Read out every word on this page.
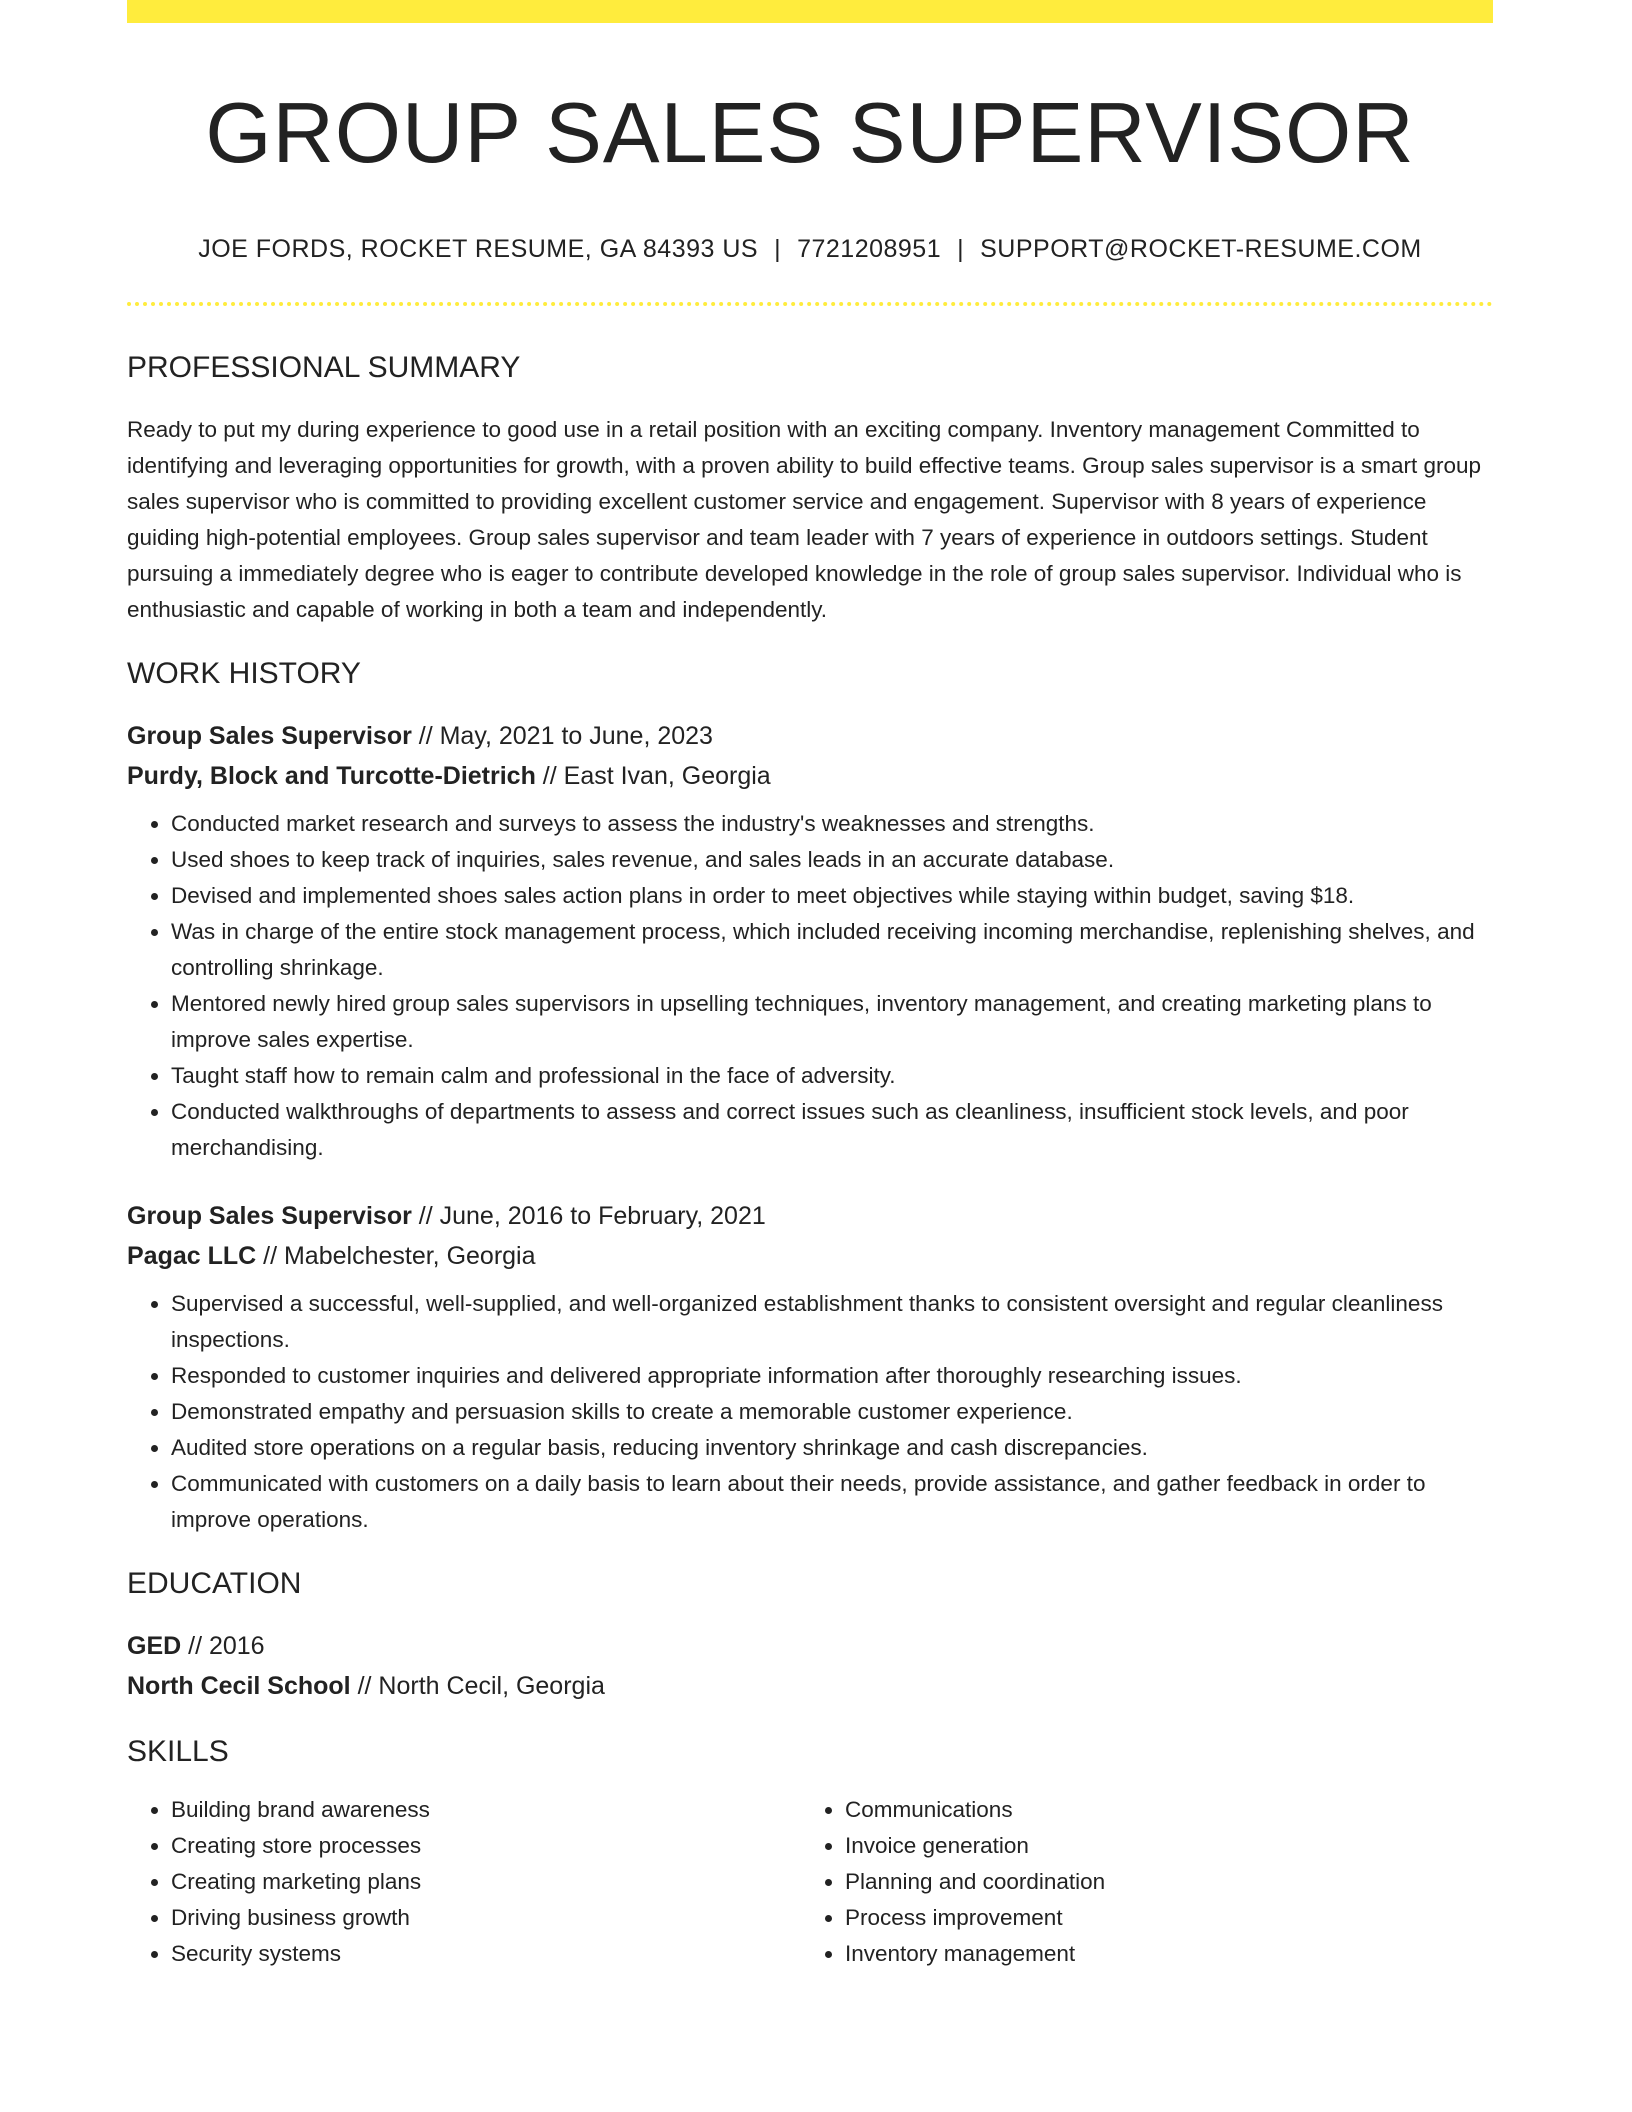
GROUP SALES SUPERVISOR
JOE FORDS, ROCKET RESUME, GA 84393 US | 7721208951 | SUPPORT@ROCKET-RESUME.COM
PROFESSIONAL SUMMARY

Ready to put my during experience to good use in a retail position with an exciting company. Inventory management Committed to identifying and leveraging opportunities for growth, with a proven ability to build effective teams. Group sales supervisor is a smart group sales supervisor who is committed to providing excellent customer service and engagement. Supervisor with 8 years of experience guiding high-potential employees. Group sales supervisor and team leader with 7 years of experience in outdoors settings. Student pursuing a immediately degree who is eager to contribute developed knowledge in the role of group sales supervisor. Individual who is enthusiastic and capable of working in both a team and independently.

WORK HISTORY
Group Sales Supervisor // May, 2021 to June, 2023
Purdy, Block and Turcotte-Dietrich // East Ivan, Georgia
• Conducted market research and surveys to assess the industry's weaknesses and strengths.
• Used shoes to keep track of inquiries, sales revenue, and sales leads in an accurate database.
• Devised and implemented shoes sales action plans in order to meet objectives while staying within budget, saving $18.
• Was in charge of the entire stock management process, which included receiving incoming merchandise, replenishing shelves, and controlling shrinkage.
• Mentored newly hired group sales supervisors in upselling techniques, inventory management, and creating marketing plans to improve sales expertise.
• Taught staff how to remain calm and professional in the face of adversity.
• Conducted walkthroughs of departments to assess and correct issues such as cleanliness, insufficient stock levels, and poor merchandising.
Group Sales Supervisor // June, 2016 to February, 2021
Pagac LLC // Mabelchester, Georgia
• Supervised a successful, well-supplied, and well-organized establishment thanks to consistent oversight and regular cleanliness inspections.
• Responded to customer inquiries and delivered appropriate information after thoroughly researching issues.
• Demonstrated empathy and persuasion skills to create a memorable customer experience.
• Audited store operations on a regular basis, reducing inventory shrinkage and cash discrepancies.
• Communicated with customers on a daily basis to learn about their needs, provide assistance, and gather feedback in order to improve operations.
EDUCATION
GED // 2016
North Cecil School // North Cecil, Georgia
SKILLS
• Building brand awareness
• Creating store processes
• Creating marketing plans
• Driving business growth
• Security systems
• Communications
• Invoice generation
• Planning and coordination
• Process improvement
• Inventory management
